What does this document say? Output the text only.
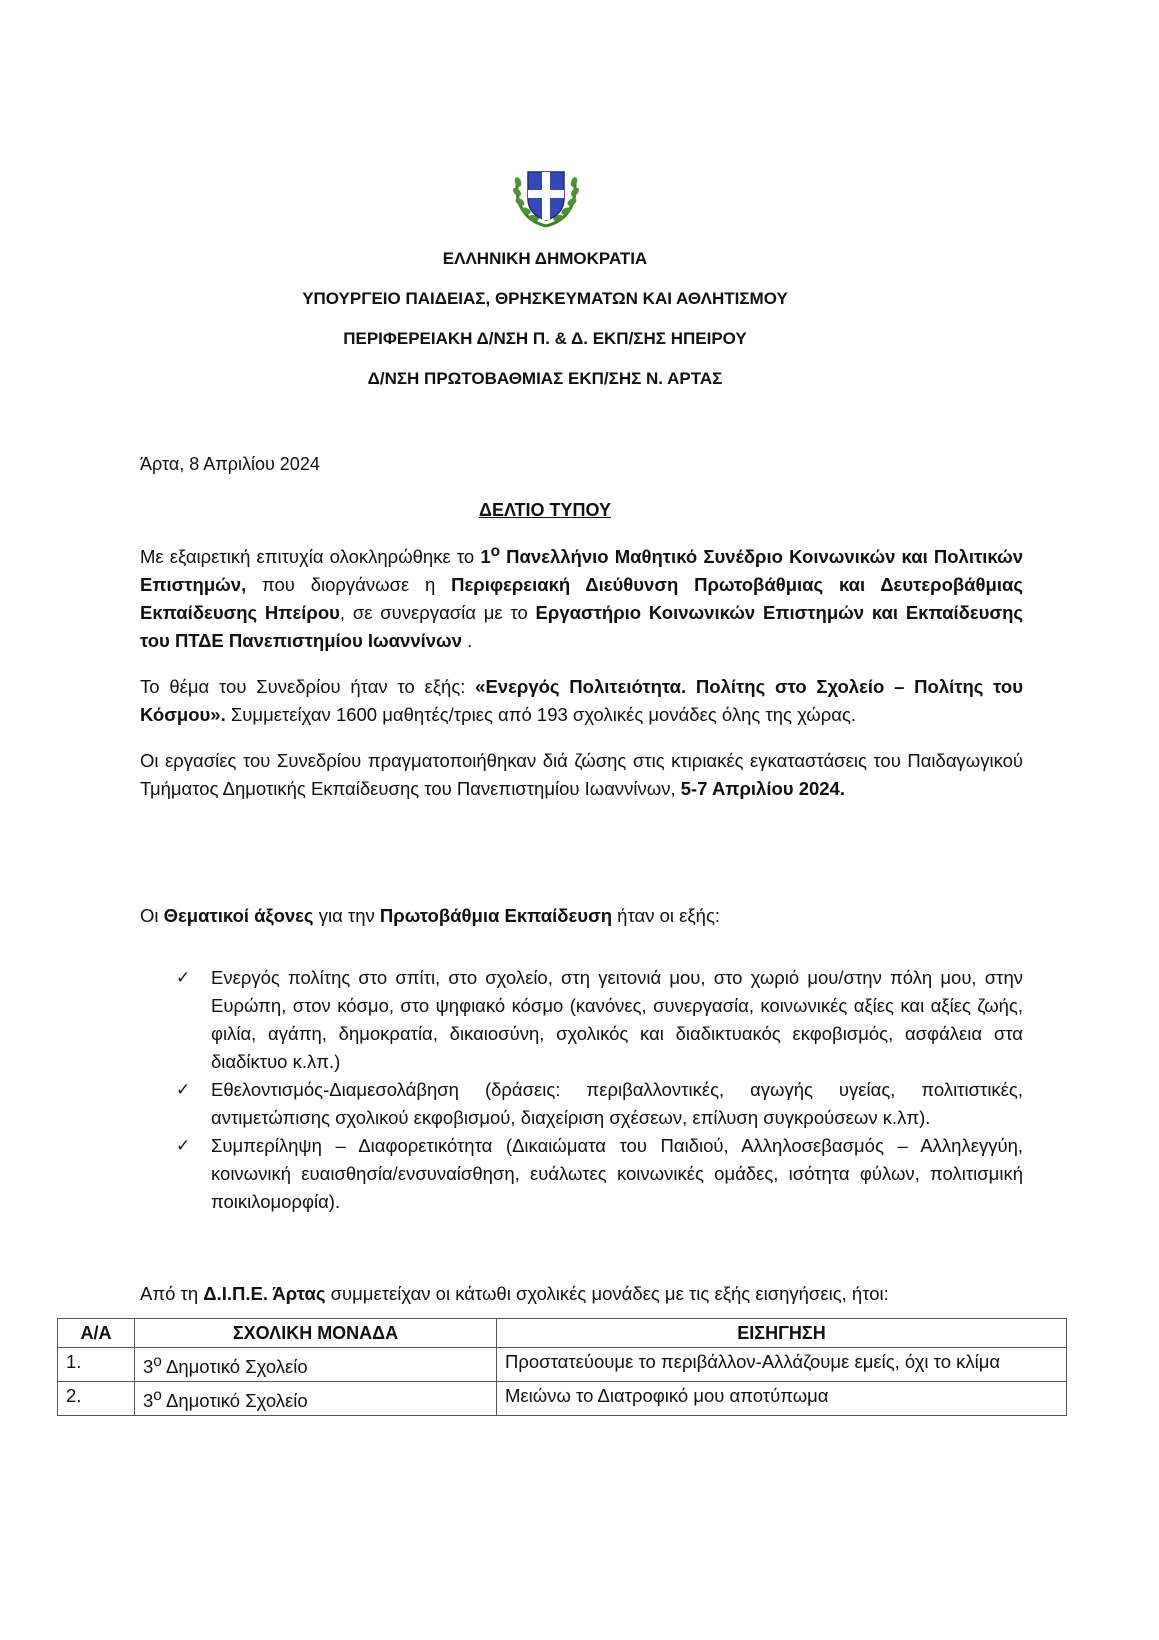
ΕΛΛΗΝΙΚΗ ΔΗΜΟΚΡΑΤΙΑ
ΥΠΟΥΡΓΕΙΟ ΠΑΙΔΕΙΑΣ, ΘΡΗΣΚΕΥΜΑΤΩΝ ΚΑΙ ΑΘΛΗΤΙΣΜΟΥ
ΠΕΡΙΦΕΡΕΙΑΚΗ Δ/ΝΣΗ Π. & Δ. ΕΚΠ/ΣΗΣ ΗΠΕΙΡΟΥ
Δ/ΝΣΗ ΠΡΩΤΟΒΑΘΜΙΑΣ ΕΚΠ/ΣΗΣ Ν. ΑΡΤΑΣ
Άρτα, 8 Απριλίου 2024
ΔΕΛΤΙΟ ΤΥΠΟΥ

Με εξαιρετική επιτυχία ολοκληρώθηκε το $1^o$ Πανελλήνιο Μαθητικό Συνέδριο Κοινωνικών και Πολιτικών Επιστημών, που διοργάνωσε η Περιφερειακή Διεύθυνση Πρωτοβάθμιας και Δευτεροβάθμιας Εκπαίδευσης Ηπείρου, σε συνεργασία με το Εργαστήριο Κοινωνικών Επιστημών και Εκπαίδευσης του ΠΤΔΕ Πανεπιστημίου Ιωαννίνων .

Το θέμα του Συνεδρίου ήταν το εξής: «Ενεργός Πολιτειότητα. Πολίτης στο Σχολείο – Πολίτης του Κόσμου». Συμμετείχαν 1600 μαθητές/τριες από 193 σχολικές μονάδες όλης της χώρας.

Οι εργασίες του Συνεδρίου πραγματοποιήθηκαν διά ζώσης στις κτιριακές εγκαταστάσεις του Παιδαγωγικού Τμήματος Δημοτικής Εκπαίδευσης του Πανεπιστημίου Ιωαννίνων, 5-7 Απριλίου 2024.

Οι Θεματικοί άξονες για την Πρωτοβάθμια Εκπαίδευση ήταν οι εξής:
✓ Ενεργός πολίτης στο σπίτι, στο σχολείο, στη γειτονιά μου, στο χωριό μου/στην πόλη μου, στην Ευρώπη, στον κόσμο, στο ψηφιακό κόσμο (κανόνες, συνεργασία, κοινωνικές αξίες και αξίες ζωής, φιλία, αγάπη, δημοκρατία, δικαιοσύνη, σχολικός και διαδικτυακός εκφοβισμός, ασφάλεια στα διαδίκτυο κ.λπ.)
✓ Εθελοντισμός-Διαμεσολάβηση (δράσεις: περιβαλλοντικές, αγωγής υγείας, πολιτιστικές, αντιμετώπισης σχολικού εκφοβισμού, διαχείριση σχέσεων, επίλυση συγκρούσεων κ.λπ).
✓ Συμπερίληψη – Διαφορετικότητα (Δικαιώματα του Παιδιού, Αλληλοσεβασμός – Αλληλεγγύη, κοινωνική ευαισθησία/ενσυναίσθηση, ευάλωτες κοινωνικές ομάδες, ισότητα φύλων, πολιτισμική ποικιλομορφία).
Από τη Δ.Ι.Π.Ε. Άρτας συμμετείχαν οι κάτωθι σχολικές μονάδες με τις εξής εισηγήσεις, ήτοι:
Α/Α	ΣΧΟΛΙΚΗ ΜΟΝΑΔΑ	ΕΙΣΗΓΗΣΗ
1.	$3^o$ Δημοτικό Σχολείο	Προστατεύουμε το περιβάλλον-Αλλάζουμε εμείς, όχι το κλίμα
2.	$3^o$ Δημοτικό Σχολείο	Μειώνω το Διατροφικό μου αποτύπωμα
